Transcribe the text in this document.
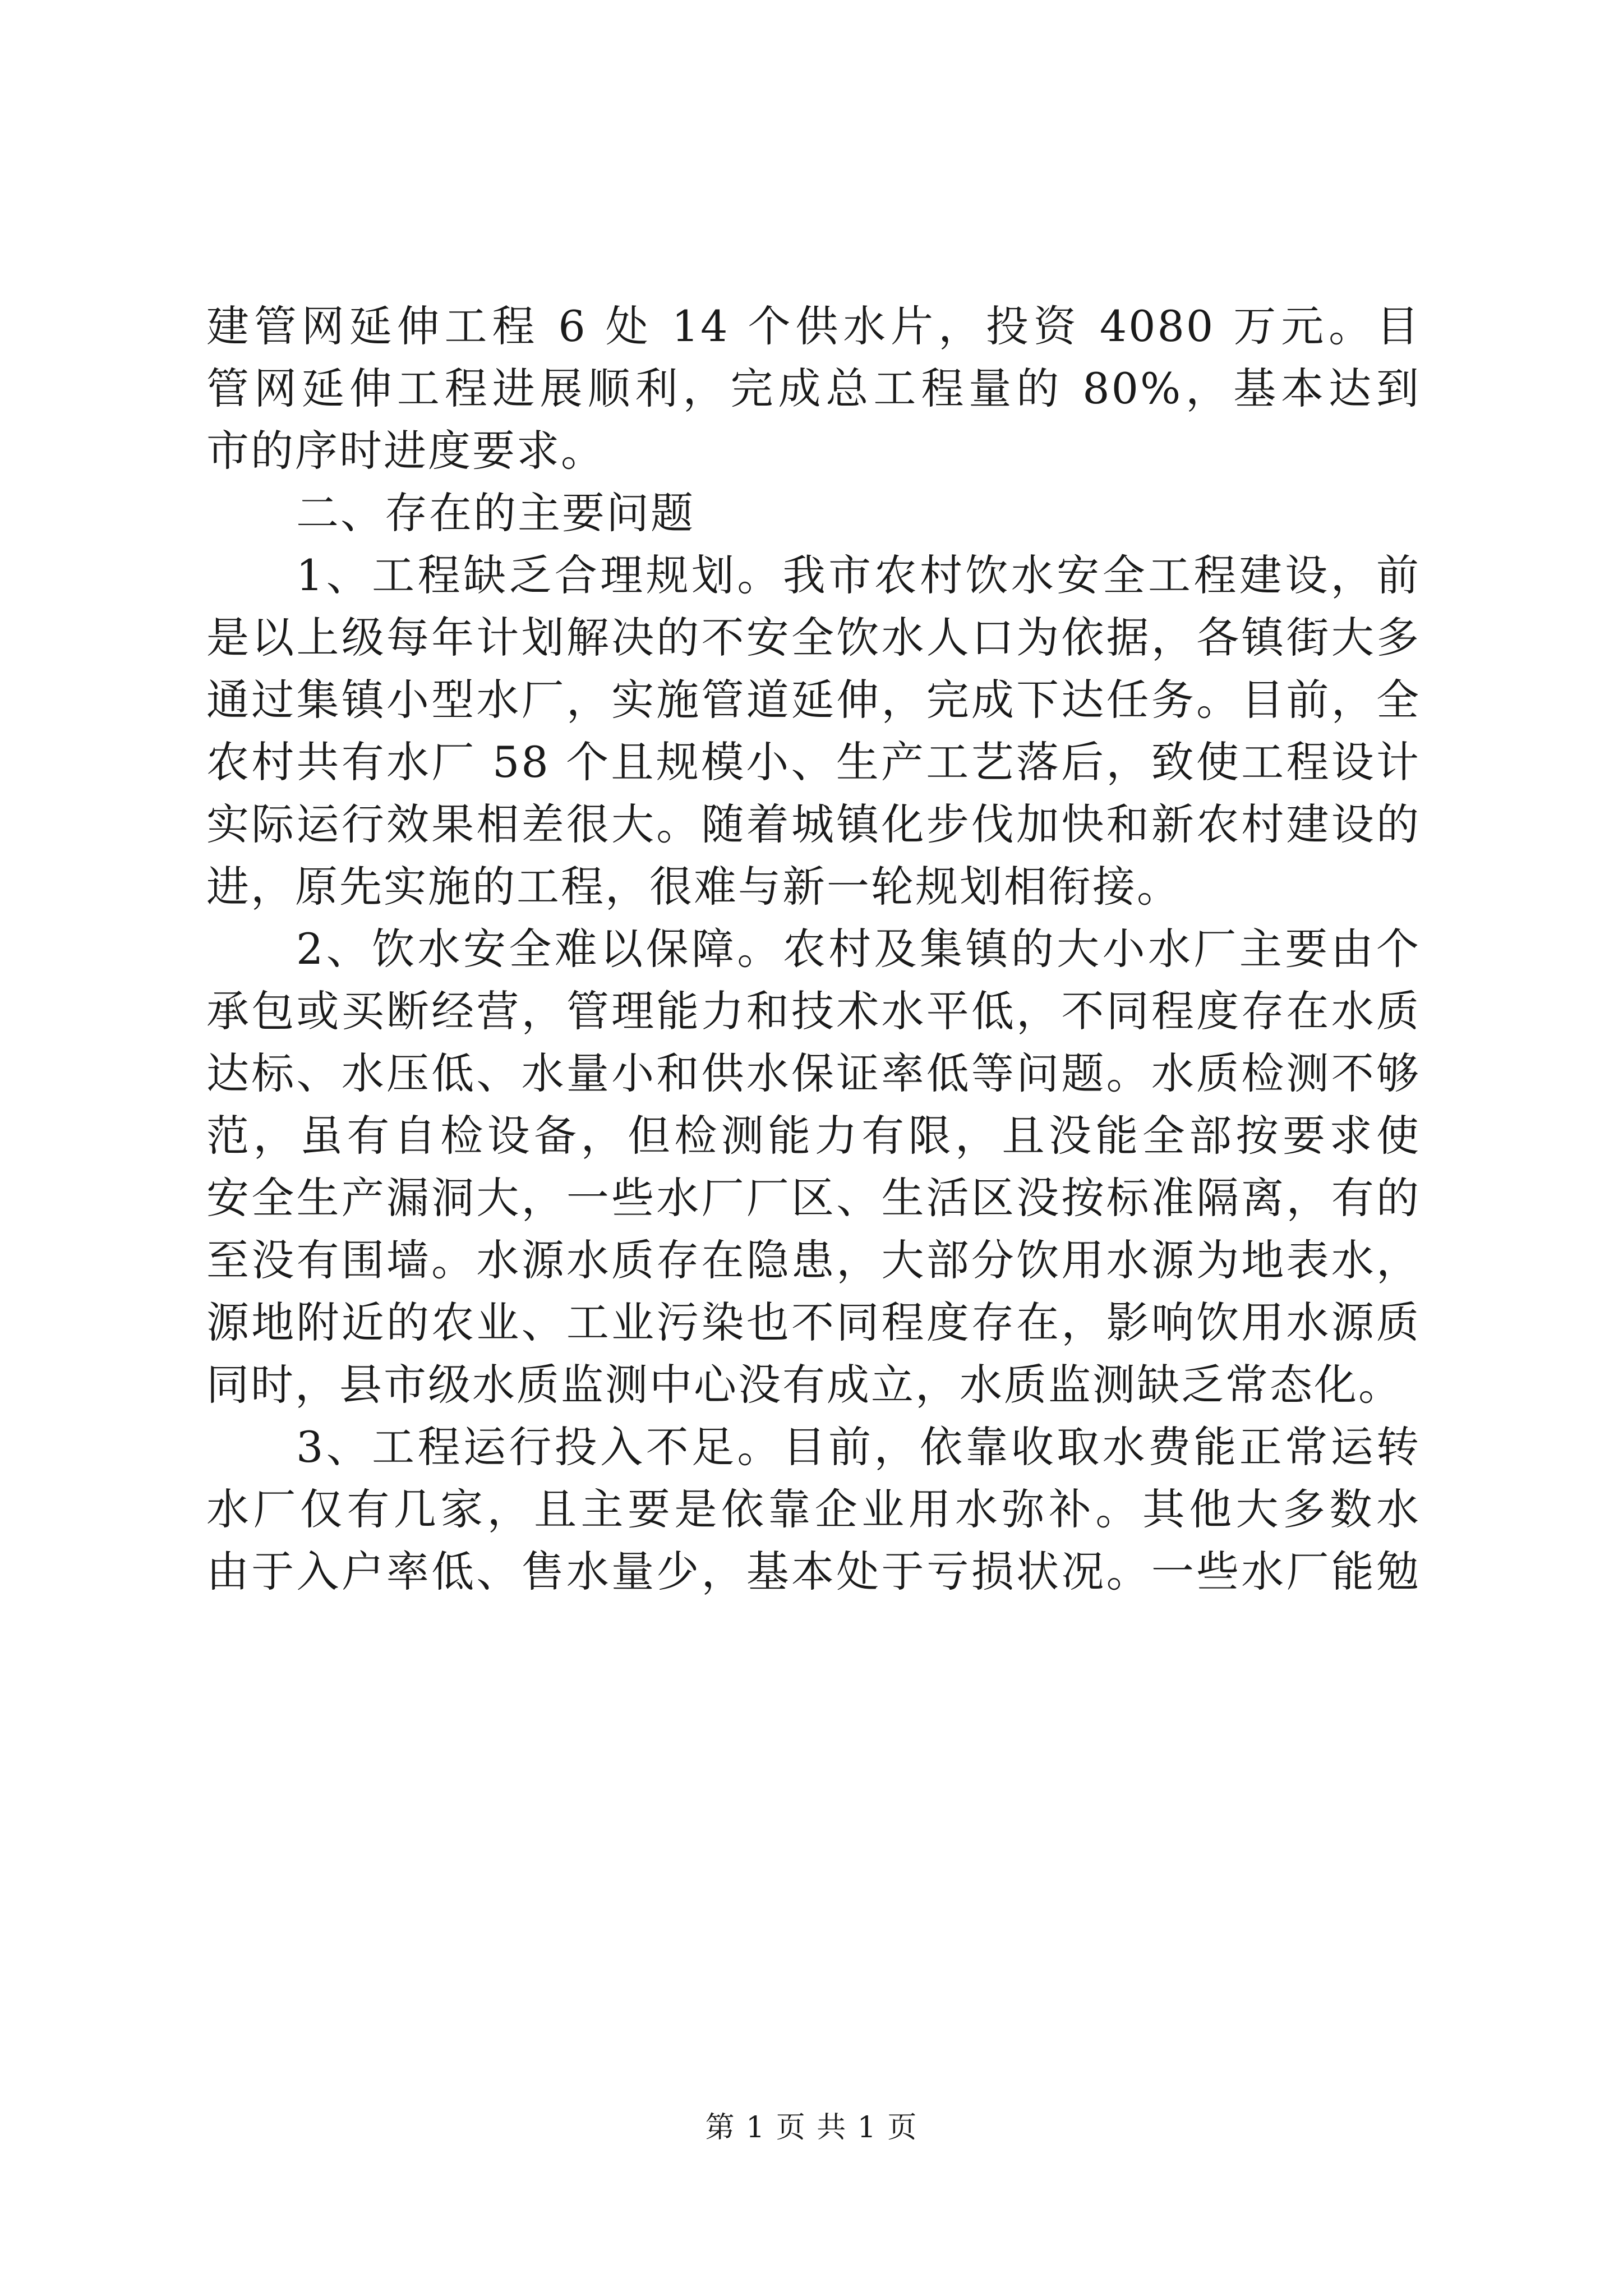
建管网延伸工程 6 处 14 个供水片，投资 4080 万元。目
管网延伸工程进展顺利，完成总工程量的 80%，基本达到
市的序时进度要求。
二、存在的主要问题
1、工程缺乏合理规划。我市农村饮水安全工程建设，前
是以上级每年计划解决的不安全饮水人口为依据，各镇街大多
通过集镇小型水厂，实施管道延伸，完成下达任务。目前，全
农村共有水厂 58 个且规模小、生产工艺落后，致使工程设计
实际运行效果相差很大。随着城镇化步伐加快和新农村建设的
进，原先实施的工程，很难与新一轮规划相衔接。
2、饮水安全难以保障。农村及集镇的大小水厂主要由个
承包或买断经营，管理能力和技术水平低，不同程度存在水质
达标、水压低、水量小和供水保证率低等问题。水质检测不够
范，虽有自检设备，但检测能力有限，且没能全部按要求使
安全生产漏洞大，一些水厂厂区、生活区没按标准隔离，有的
至没有围墙。水源水质存在隐患，大部分饮用水源为地表水，
源地附近的农业、工业污染也不同程度存在，影响饮用水源质
同时，县市级水质监测中心没有成立，水质监测缺乏常态化。
3、工程运行投入不足。目前，依靠收取水费能正常运转
水厂仅有几家，且主要是依靠企业用水弥补。其他大多数水
由于入户率低、售水量少，基本处于亏损状况。一些水厂能勉
第 1 页 共 1 页
